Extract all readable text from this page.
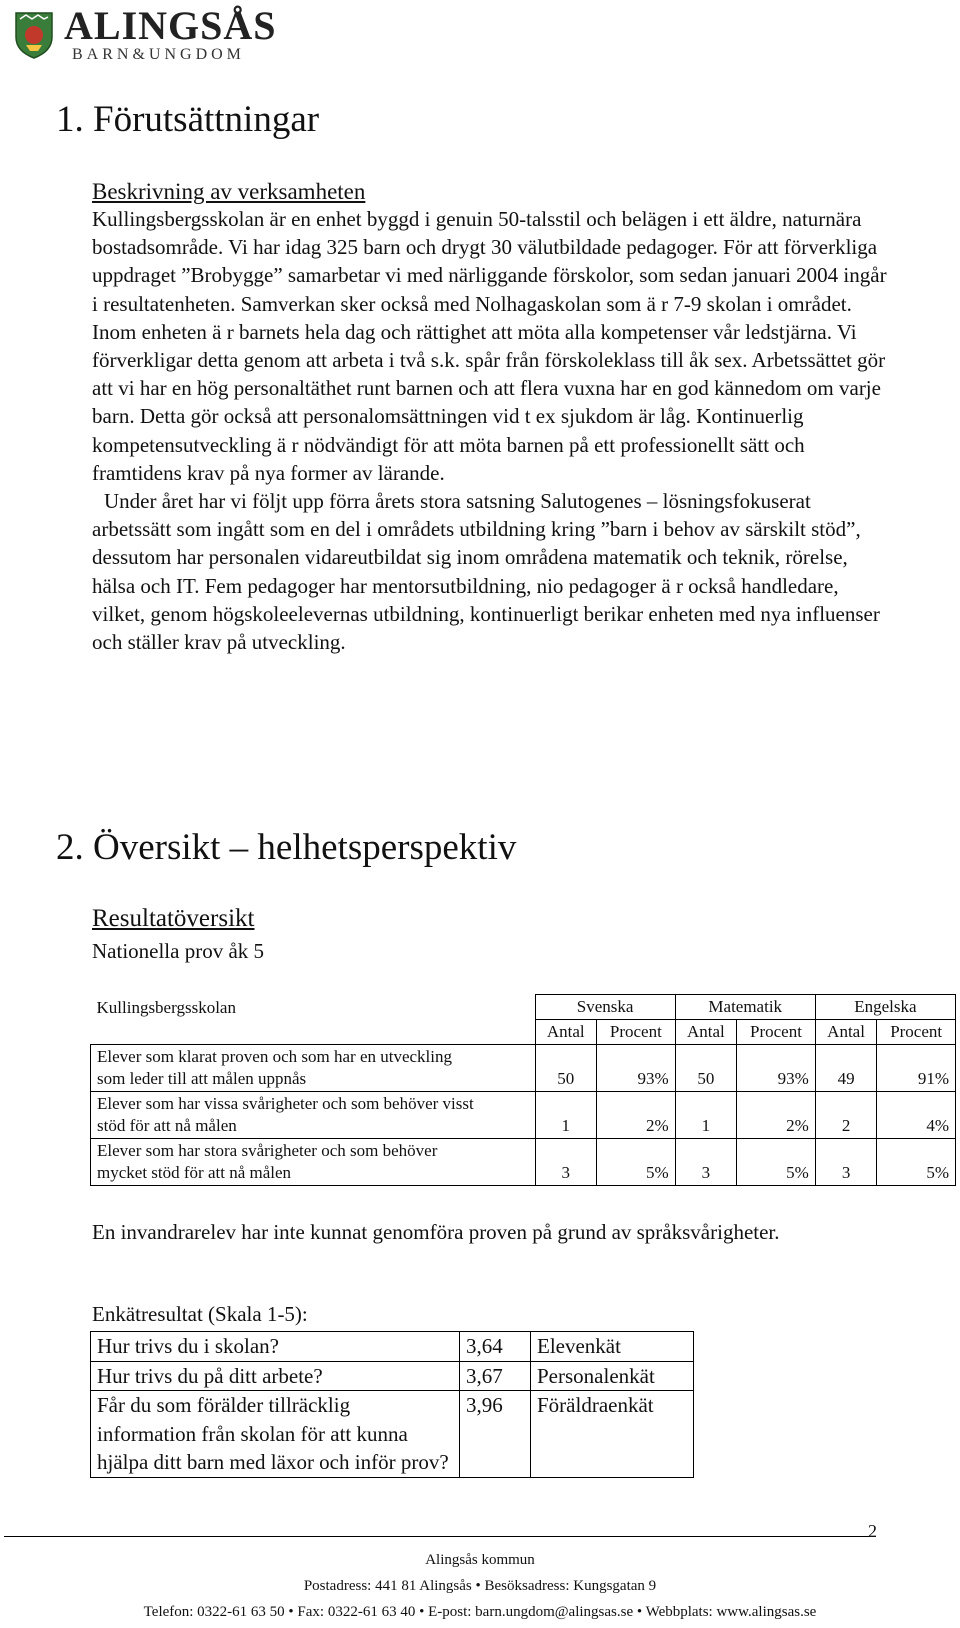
ALINGSÅS
BARN&UNGDOM
1. Förutsättningar
Beskrivning av verksamheten

Kullingsbergsskolan är en enhet byggd i genuin 50-talsstil och belägen i ett äldre, naturnära bostadsområde. Vi har idag 325 barn och drygt 30 välutbildade pedagoger. För att förverkliga uppdraget ”Brobygge” samarbetar vi med närliggande förskolor, som sedan januari 2004 ingår i resultatenheten. Samverkan sker också med Nolhagaskolan som ä r 7-9 skolan i området. Inom enheten ä r barnets hela dag och rättighet att möta alla kompetenser vår ledstjärna. Vi förverkligar detta genom att arbeta i två s.k. spår från förskoleklass till åk sex. Arbetssättet gör att vi har en hög personaltäthet runt barnen och att flera vuxna har en god kännedom om varje barn. Detta gör också att personalomsättningen vid t ex sjukdom är låg. Kontinuerlig kompetensutveckling ä r nödvändigt för att möta barnen på ett professionellt sätt och framtidens krav på nya former av lärande.

Under året har vi följt upp förra årets stora satsning Salutogenes – lösningsfokuserat arbetssätt som ingått som en del i områdets utbildning kring ”barn i behov av särskilt stöd”, dessutom har personalen vidareutbildat sig inom områdena matematik och teknik, rörelse, hälsa och IT. Fem pedagoger har mentorsutbildning, nio pedagoger ä r också handledare, vilket, genom högskoleelevernas utbildning, kontinuerligt berikar enheten med nya influenser och ställer krav på utveckling.

2. Översikt – helhetsperspektiv
Resultatöversikt
Nationella prov åk 5
Kullingsbergsskolan	Svenska		Matematik		Engelska	
	Antal	Procent	Antal	Procent	Antal	Procent
Elever som klarat proven och som har en utveckling
som leder till att målen uppnås	50	93%	50	93%	49	91%
Elever som har vissa svårigheter och som behöver visst
stöd för att nå målen	1	2%	1	2%	2	4%
Elever som har stora svårigheter och som behöver
mycket stöd för att nå målen	3	5%	3	5%	3	5%
En invandrarelev har inte kunnat genomföra proven på grund av språksvårigheter.
Enkätresultat (Skala 1-5):
Hur trivs du i skolan?	3,64	Elevenkät
Hur trivs du på ditt arbete?	3,67	Personalenkät
Får du som förälder tillräcklig information från skolan för att kunna hjälpa ditt barn med läxor och inför prov?	3,96	Föräldraenkät
2
Alingsås kommun
Postadress: 441 81 Alingsås • Besöksadress: Kungsgatan 9
Telefon: 0322-61 63 50 • Fax: 0322-61 63 40 • E-post: barn.ungdom@alingsas.se • Webbplats: www.alingsas.se
